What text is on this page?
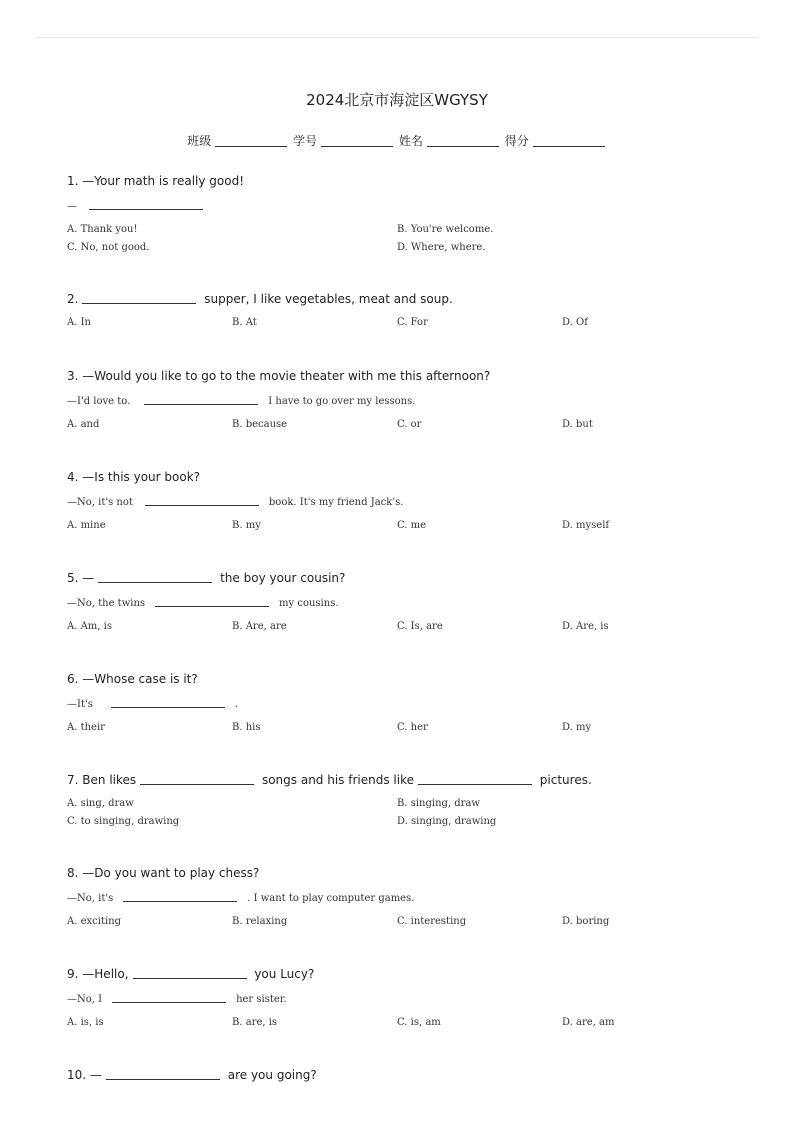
2024北京市海淀区WGYSY
班级	学号	姓名	得分
1. —Your math is really good!
—
A. Thank you!	B. You're welcome.
C. No, not good.	D. Where, where.
2.	supper, I like vegetables, meat and soup.
A. In	B. At	C. For	D. Of
3. —Would you like to go to the movie theater with me this afternoon?
—I'd love to.	I have to go over my lessons.
A. and	B. because	C. or	D. but
4. —Is this your book?
—No, it's not	book. It's my friend Jack's.
A. mine	B. my	C. me	D. myself
5. —	the boy your cousin?
—No, the twins	my cousins.
A. Am, is	B. Are, are	C. Is, are	D. Are, is
6. —Whose case is it?
—It's	.
A. their	B. his	C. her	D. my
7. Ben likes	songs and his friends like	pictures.
A. sing, draw	B. singing, draw
C. to singing, drawing	D. singing, drawing
8. —Do you want to play chess?
—No, it's	. I want to play computer games.
A. exciting	B. relaxing	C. interesting	D. boring
9. —Hello,	you Lucy?
—No, I	her sister.
A. is, is	B. are, is	C. is, am	D. are, am
10. —	are you going?
